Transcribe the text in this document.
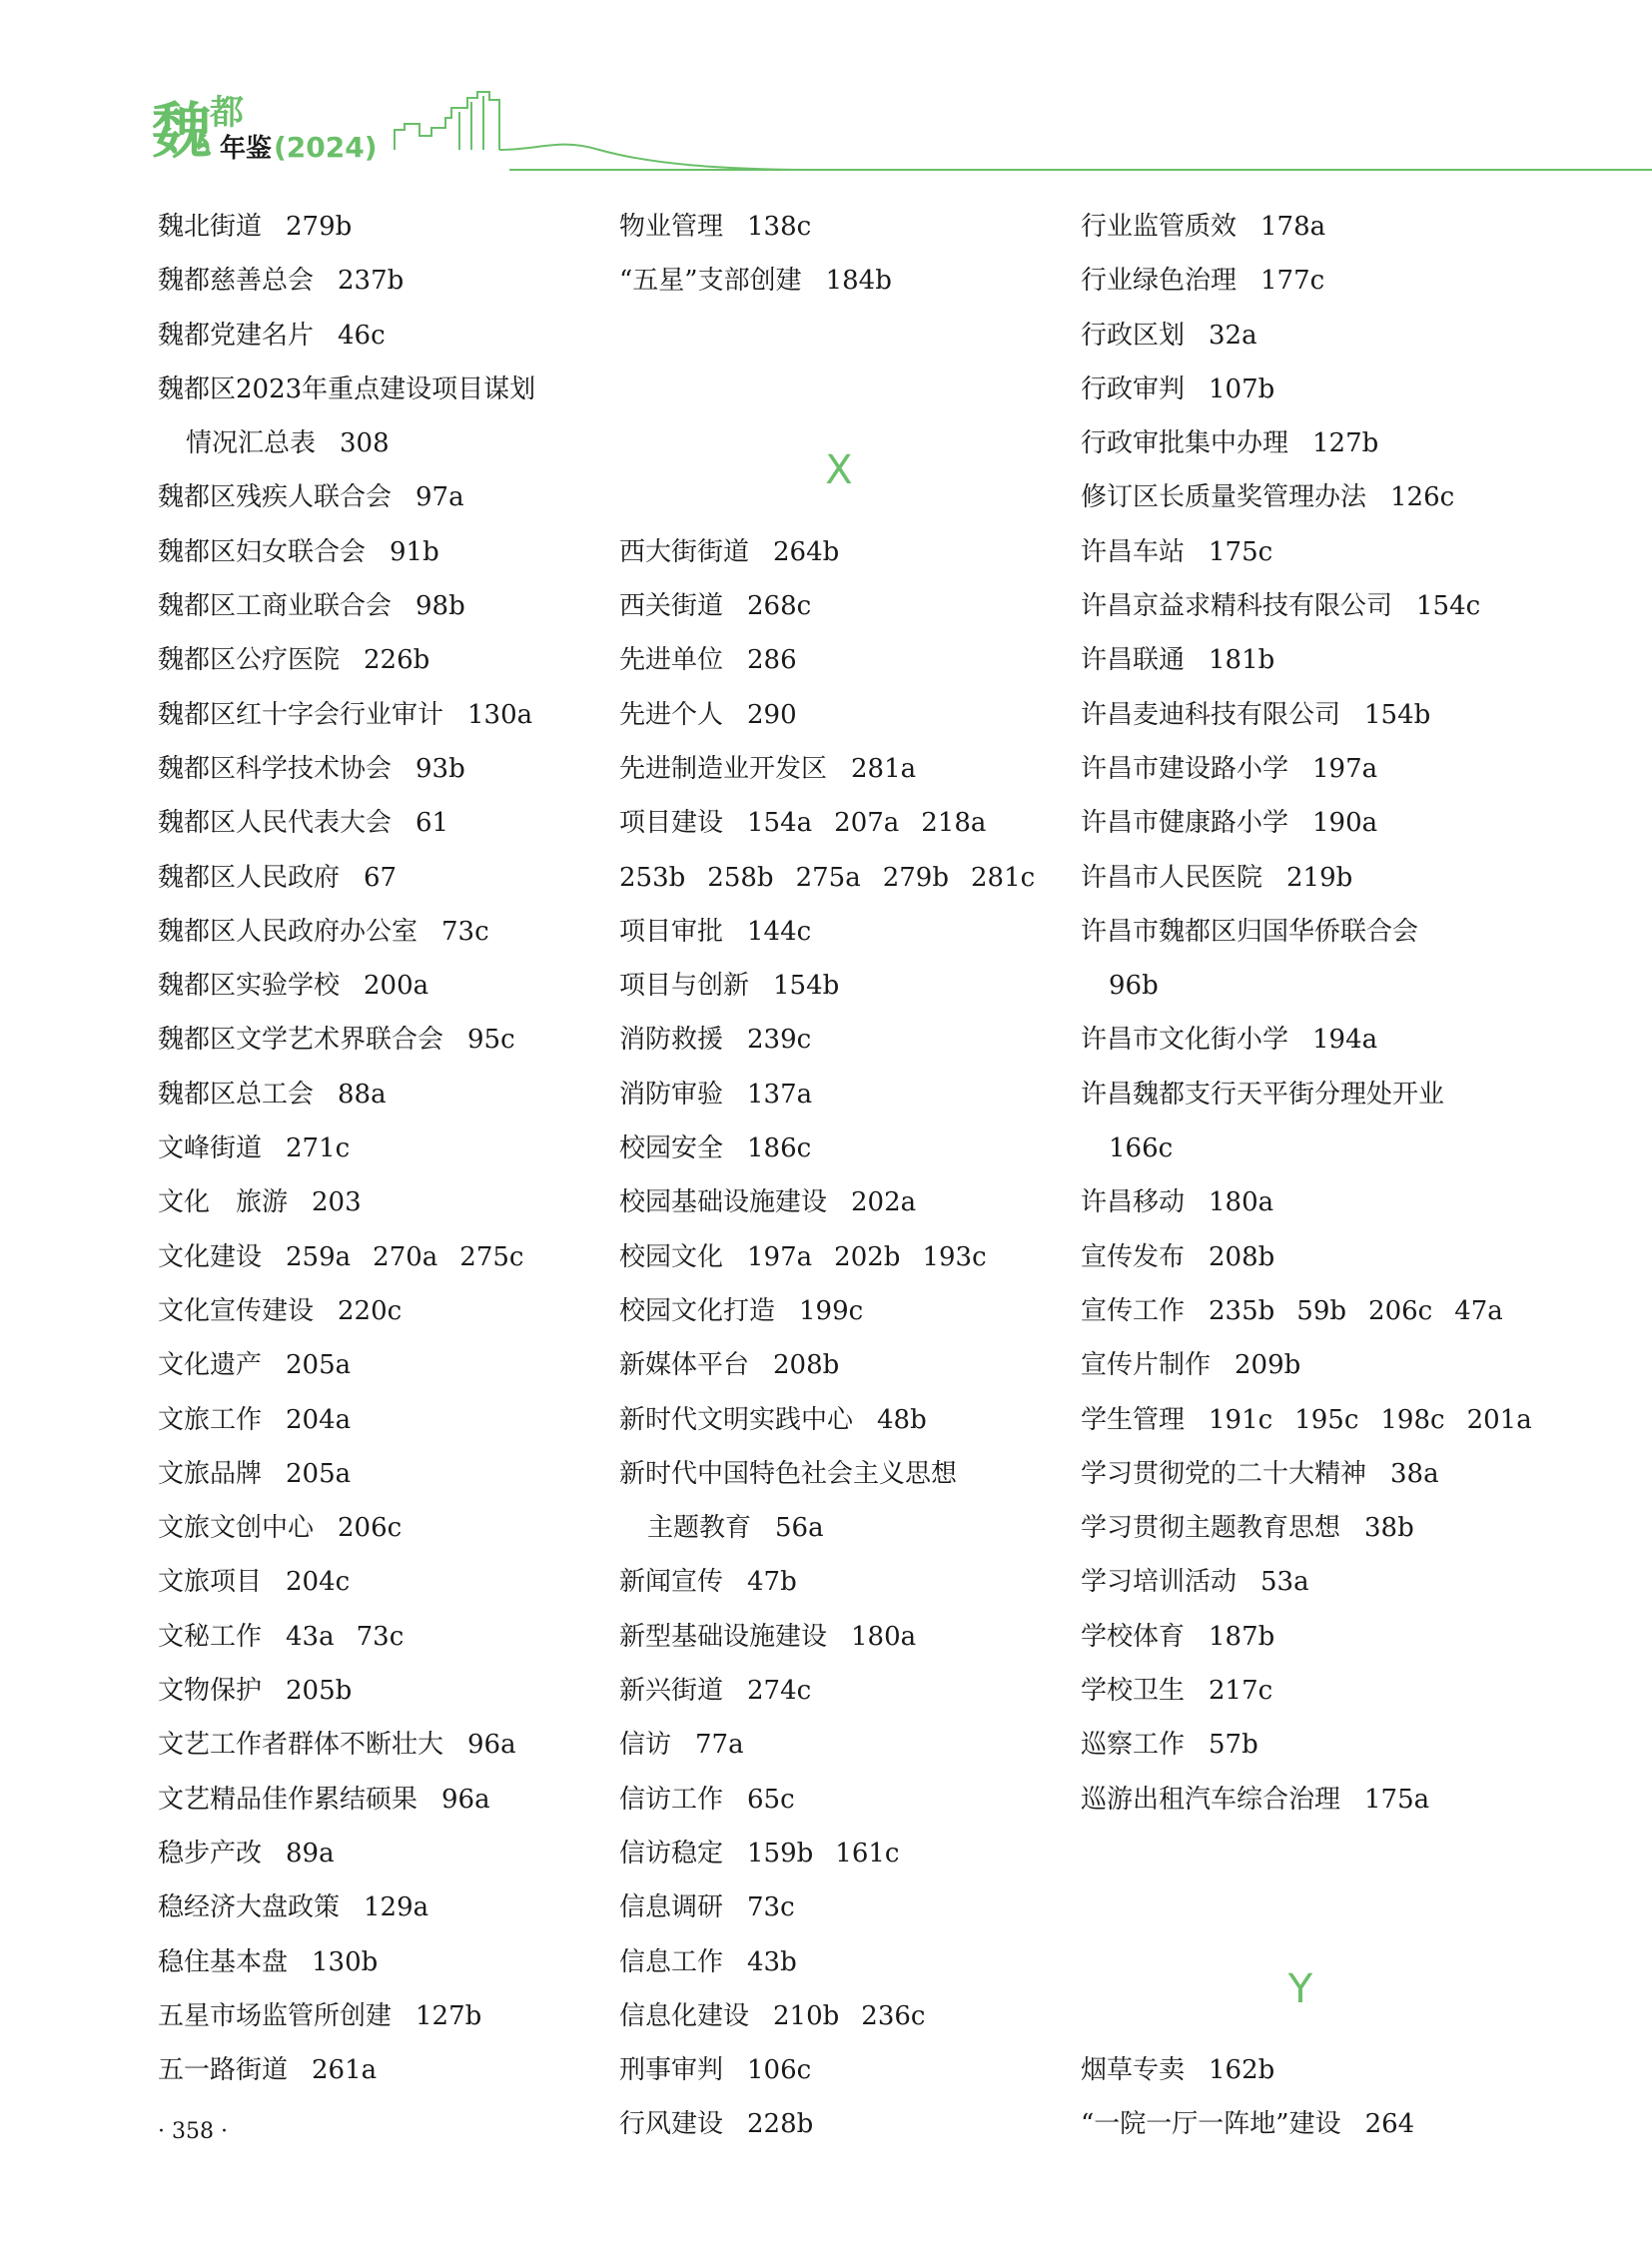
魏
都
年鉴 (2024)
魏北街道 279b
魏都慈善总会 237b
魏都党建名片 46c
魏都区2023年重点建设项目谋划
情况汇总表 308
魏都区残疾人联合会 97a
魏都区妇女联合会 91b
魏都区工商业联合会 98b
魏都区公疗医院 226b
魏都区红十字会行业审计 130a
魏都区科学技术协会 93b
魏都区人民代表大会 61
魏都区人民政府 67
魏都区人民政府办公室 73c
魏都区实验学校 200a
魏都区文学艺术界联合会 95c
魏都区总工会 88a
文峰街道 271c
文化　旅游 203
文化建设 259a 270a 275c
文化宣传建设 220c
文化遗产 205a
文旅工作 204a
文旅品牌 205a
文旅文创中心 206c
文旅项目 204c
文秘工作 43a 73c
文物保护 205b
文艺工作者群体不断壮大 96a
文艺精品佳作累结硕果 96a
稳步产改 89a
稳经济大盘政策 129a
稳住基本盘 130b
五星市场监管所创建 127b
五一路街道 261a
物业管理 138c
“五星”支部创建 184b
X
西大街街道 264b
西关街道 268c
先进单位 286
先进个人 290
先进制造业开发区 281a
项目建设 154a 207a 218a
253b 258b 275a 279b 281c
项目审批 144c
项目与创新 154b
消防救援 239c
消防审验 137a
校园安全 186c
校园基础设施建设 202a
校园文化 197a 202b 193c
校园文化打造 199c
新媒体平台 208b
新时代文明实践中心 48b
新时代中国特色社会主义思想
主题教育 56a
新闻宣传 47b
新型基础设施建设 180a
新兴街道 274c
信访 77a
信访工作 65c
信访稳定 159b 161c
信息调研 73c
信息工作 43b
信息化建设 210b 236c
刑事审判 106c
行风建设 228b
行业监管质效 178a
行业绿色治理 177c
行政区划 32a
行政审判 107b
行政审批集中办理 127b
修订区长质量奖管理办法 126c
许昌车站 175c
许昌京益求精科技有限公司 154c
许昌联通 181b
许昌麦迪科技有限公司 154b
许昌市建设路小学 197a
许昌市健康路小学 190a
许昌市人民医院 219b
许昌市魏都区归国华侨联合会
96b
许昌市文化街小学 194a
许昌魏都支行天平街分理处开业
166c
许昌移动 180a
宣传发布 208b
宣传工作 235b 59b 206c 47a
宣传片制作 209b
学生管理 191c 195c 198c 201a
学习贯彻党的二十大精神 38a
学习贯彻主题教育思想 38b
学习培训活动 53a
学校体育 187b
学校卫生 217c
巡察工作 57b
巡游出租汽车综合治理 175a
Y
烟草专卖 162b
“一院一厅一阵地”建设 264
· 358 ·
